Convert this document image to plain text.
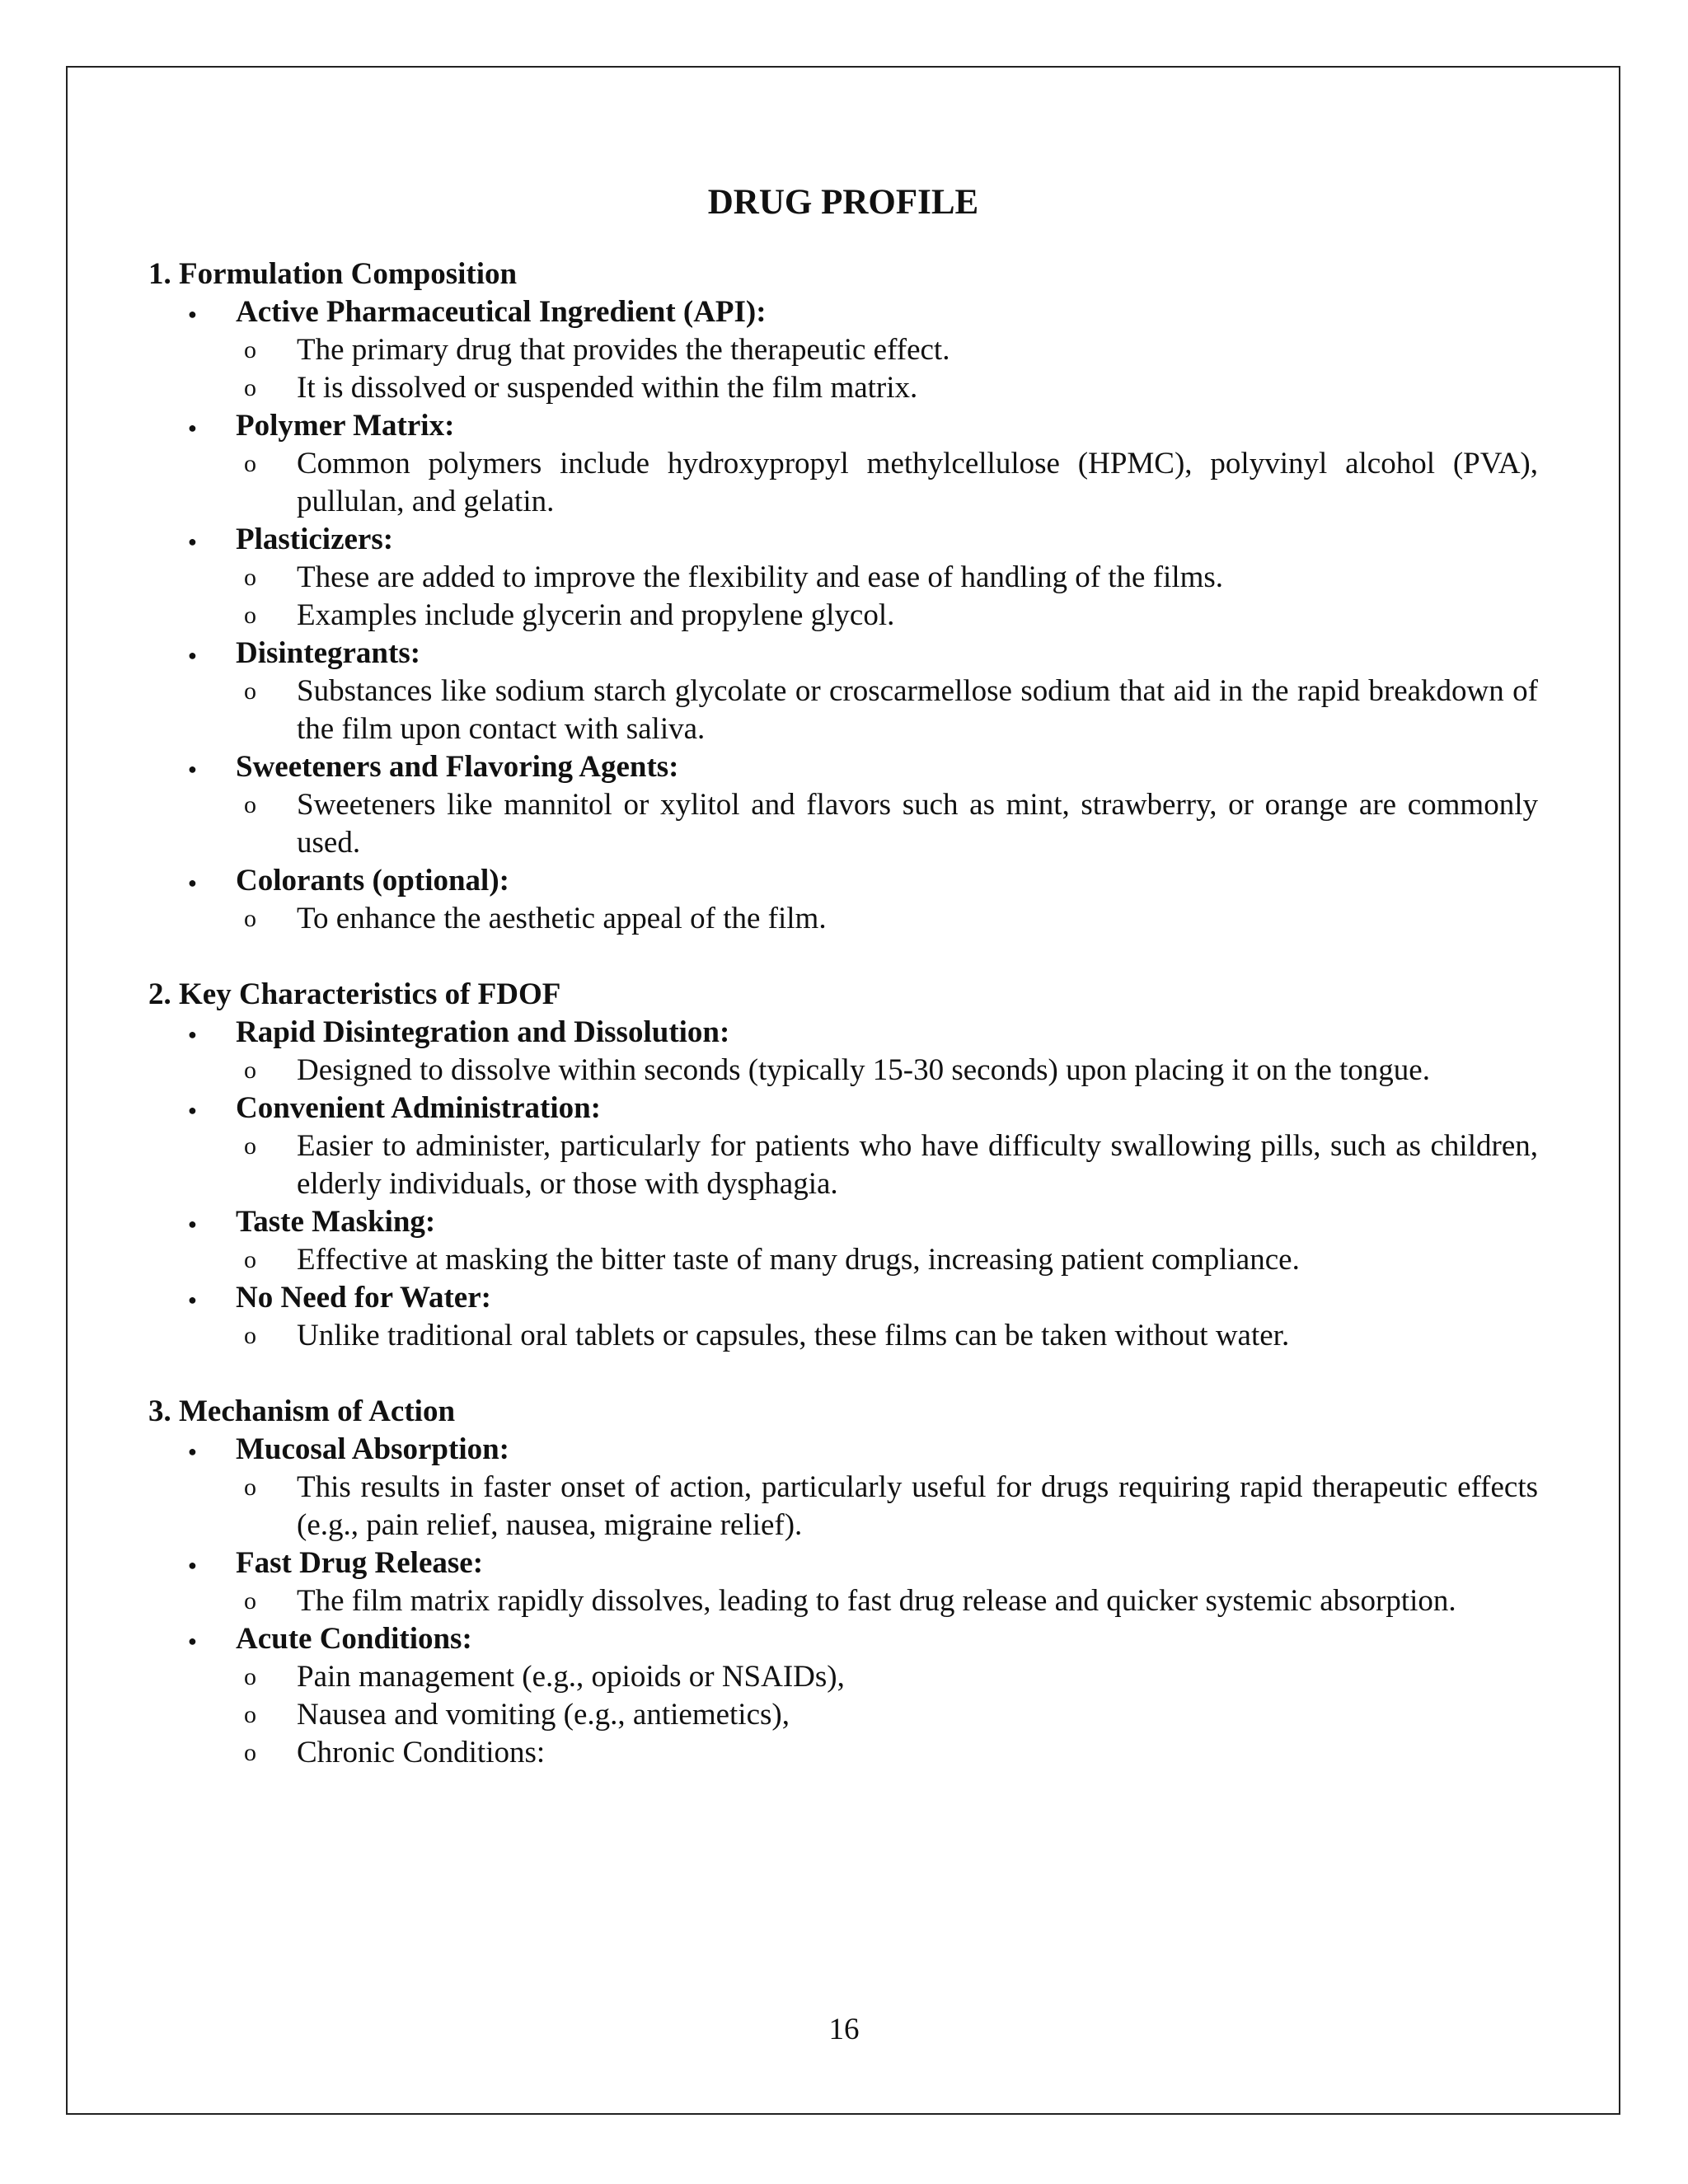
DRUG PROFILE
1. Formulation Composition
● Active Pharmaceutical Ingredient (API):
o The primary drug that provides the therapeutic effect.
o It is dissolved or suspended within the film matrix.
● Polymer Matrix:
o Common polymers include hydroxypropyl methylcellulose (HPMC), polyvinyl alcohol (PVA), pullulan, and gelatin.
● Plasticizers:
o These are added to improve the flexibility and ease of handling of the films.
o Examples include glycerin and propylene glycol.
● Disintegrants:
o Substances like sodium starch glycolate or croscarmellose sodium that aid in the rapid breakdown of the film upon contact with saliva.
● Sweeteners and Flavoring Agents:
o Sweeteners like mannitol or xylitol and flavors such as mint, strawberry, or orange are commonly used.
● Colorants (optional):
o To enhance the aesthetic appeal of the film.
2. Key Characteristics of FDOF
● Rapid Disintegration and Dissolution:
o Designed to dissolve within seconds (typically 15-30 seconds) upon placing it on the tongue.
● Convenient Administration:
o Easier to administer, particularly for patients who have difficulty swallowing pills, such as children, elderly individuals, or those with dysphagia.
● Taste Masking:
o Effective at masking the bitter taste of many drugs, increasing patient compliance.
● No Need for Water:
o Unlike traditional oral tablets or capsules, these films can be taken without water.
3. Mechanism of Action
● Mucosal Absorption:
o This results in faster onset of action, particularly useful for drugs requiring rapid therapeutic effects (e.g., pain relief, nausea, migraine relief).
● Fast Drug Release:
o The film matrix rapidly dissolves, leading to fast drug release and quicker systemic absorption.
● Acute Conditions:
o Pain management (e.g., opioids or NSAIDs),
o Nausea and vomiting (e.g., antiemetics),
o Chronic Conditions:
16
